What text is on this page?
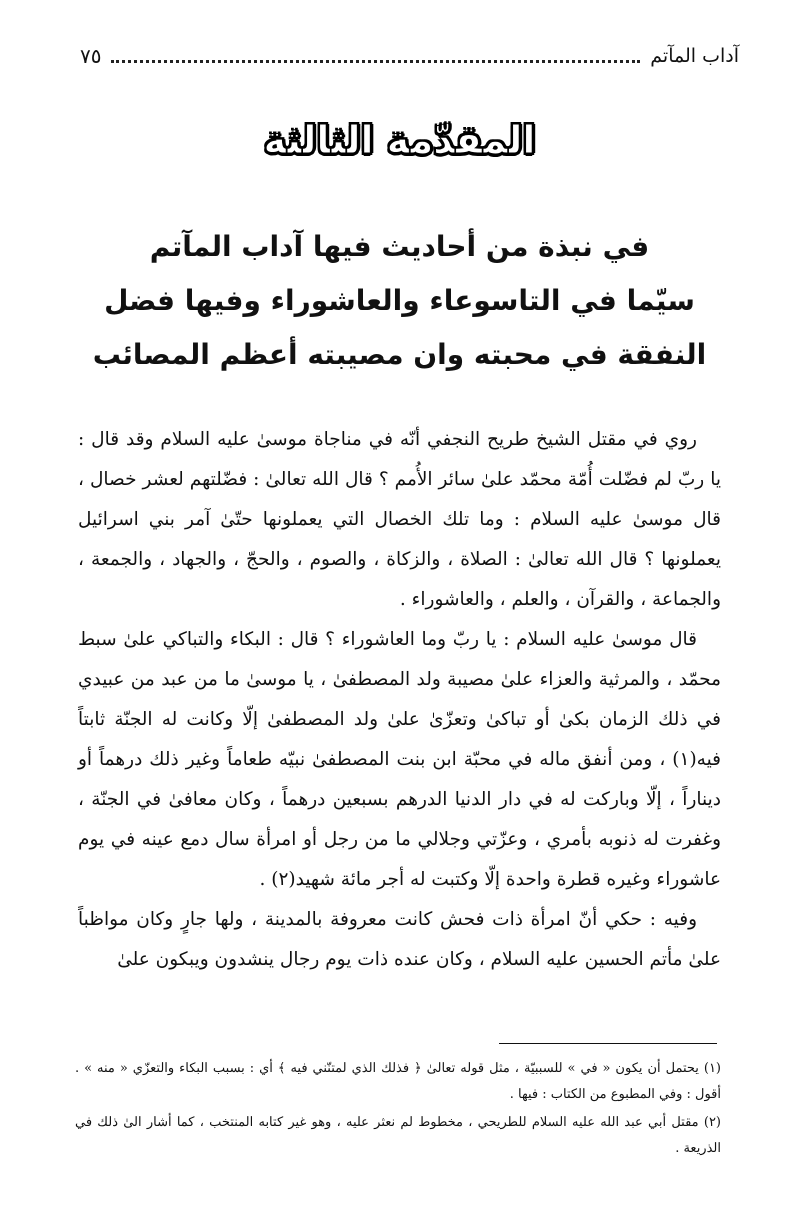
آداب المآتم
٧٥
المقدّمة الثالثة
في نبذة من أحاديث فيها آداب المآتم
سيّما في التاسوعاء والعاشوراء وفيها فضل
النفقة في محبته وان مصيبته أعظم المصائب

روي في مقتل الشيخ طريح النجفي أنّه في مناجاة موسىٰ عليه السلام وقد قال : يا ربّ لم فضّلت أُمّة محمّد علىٰ سائر الأُمم ؟ قال الله تعالىٰ : فضّلتهم لعشر خصال ، قال موسىٰ عليه السلام : وما تلك الخصال التي يعملونها حتّىٰ آمر بني اسرائيل يعملونها ؟ قال الله تعالىٰ : الصلاة ، والزكاة ، والصوم ، والحجّ ، والجهاد ، والجمعة ، والجماعة ، والقرآن ، والعلم ، والعاشوراء .

قال موسىٰ عليه السلام : يا ربّ وما العاشوراء ؟ قال : البكاء والتباكي علىٰ سبط محمّد ، والمرثية والعزاء علىٰ مصيبة ولد المصطفىٰ ، يا موسىٰ ما من عبد من عبيدي في ذلك الزمان بكىٰ أو تباكىٰ وتعزّىٰ علىٰ ولد المصطفىٰ إلّا وكانت له الجنّة ثابتاً فيه(١) ، ومن أنفق ماله في محبّة ابن بنت المصطفىٰ نبيّه طعاماً وغير ذلك درهماً أو ديناراً ، إلّا وباركت له في دار الدنيا الدرهم بسبعين درهماً ، وكان معافىٰ في الجنّة ، وغفرت له ذنوبه بأمري ، وعزّتي وجلالي ما من رجل أو امرأة سال دمع عينه في يوم عاشوراء وغيره قطرة واحدة إلّا وكتبت له أجر مائة شهيد(٢) .

وفيه : حكي أنّ امرأة ذات فحش كانت معروفة بالمدينة ، ولها جارٍ وكان مواظباً علىٰ مأتم الحسين عليه السلام ، وكان عنده ذات يوم رجال ينشدون ويبكون علىٰ

(١) يحتمل أن يكون « في » للسببيّة ، مثل قوله تعالىٰ ﴿ فذلك الذي لمتنّني فيه ﴾ أي : بسبب البكاء والتعزّي « منه » . أقول : وفي المطبوع من الكتاب : فيها .

(٢) مقتل أبي عبد الله عليه السلام للطريحي ، مخطوط لم نعثر عليه ، وهو غير كتابه المنتخب ، كما أشار الىٰ ذلك في الذريعة .
